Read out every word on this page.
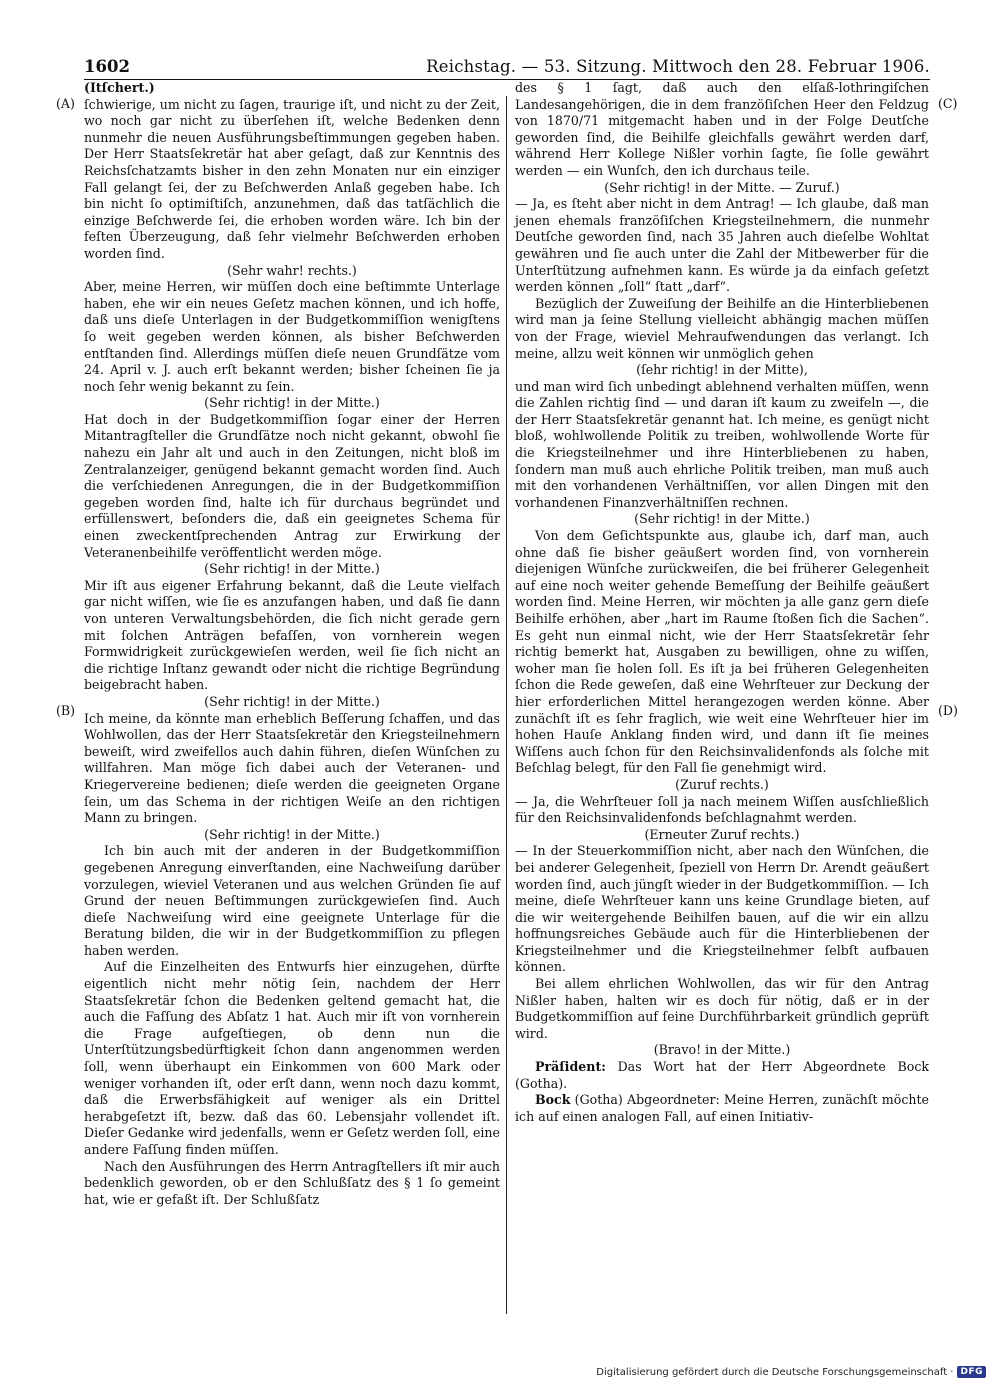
1602	Reichstag. — 53. Sitzung. Mittwoch den 28. Februar 1906.

(Itſchert.)

ſchwierige, um nicht zu ſagen, traurige iſt, und nicht zu der Zeit, wo noch gar nicht zu überſehen iſt, welche Bedenken denn nunmehr die neuen Ausführungsbeſtimmungen gegeben haben. Der Herr Staatsſekretär hat aber geſagt, daß zur Kenntnis des Reichsſchatzamts bisher in den zehn Monaten nur ein einziger Fall gelangt ſei, der zu Beſchwerden Anlaß gegeben habe. Ich bin nicht ſo optimiſtiſch, anzunehmen, daß das tatſächlich die einzige Beſchwerde ſei, die erhoben worden wäre. Ich bin der feſten Überzeugung, daß ſehr vielmehr Beſchwerden erhoben worden ſind.

(Sehr wahr! rechts.)

Aber, meine Herren, wir müſſen doch eine beſtimmte Unterlage haben, ehe wir ein neues Geſetz machen können, und ich hoffe, daß uns dieſe Unterlagen in der Budgetkommiſſion wenigſtens ſo weit gegeben werden können, als bisher Beſchwerden entſtanden ſind. Allerdings müſſen dieſe neuen Grundſätze vom 24. April v. J. auch erſt bekannt werden; bisher ſcheinen ſie ja noch ſehr wenig bekannt zu ſein.

(Sehr richtig! in der Mitte.)

Hat doch in der Budgetkommiſſion ſogar einer der Herren Mitantragſteller die Grundſätze noch nicht gekannt, obwohl ſie nahezu ein Jahr alt und auch in den Zeitungen, nicht bloß im Zentralanzeiger, genügend bekannt gemacht worden ſind. Auch die verſchiedenen Anregungen, die in der Budgetkommiſſion gegeben worden ſind, halte ich für durchaus begründet und erfüllenswert, beſonders die, daß ein geeignetes Schema für einen zweckentſprechenden Antrag zur Erwirkung der Veteranenbeihilfe veröffentlicht werden möge.

(Sehr richtig! in der Mitte.)

Mir iſt aus eigener Erfahrung bekannt, daß die Leute vielfach gar nicht wiſſen, wie ſie es anzufangen haben, und daß ſie dann von unteren Verwaltungsbehörden, die ſich nicht gerade gern mit ſolchen Anträgen befaſſen, von vornherein wegen Formwidrigkeit zurückgewieſen werden, weil ſie ſich nicht an die richtige Inſtanz gewandt oder nicht die richtige Begründung beigebracht haben.

(Sehr richtig! in der Mitte.)

Ich meine, da könnte man erheblich Beſſerung ſchaffen, und das Wohlwollen, das der Herr Staatsſekretär den Kriegsteilnehmern beweiſt, wird zweifellos auch dahin führen, dieſen Wünſchen zu willfahren. Man möge ſich dabei auch der Veteranen- und Kriegervereine bedienen; dieſe werden die geeigneten Organe ſein, um das Schema in der richtigen Weiſe an den richtigen Mann zu bringen.

(Sehr richtig! in der Mitte.)

Ich bin auch mit der anderen in der Budgetkommiſſion gegebenen Anregung einverſtanden, eine Nachweiſung darüber vorzulegen, wieviel Veteranen und aus welchen Gründen ſie auf Grund der neuen Beſtimmungen zurückgewieſen ſind. Auch dieſe Nachweiſung wird eine geeignete Unterlage für die Beratung bilden, die wir in der Budgetkommiſſion zu pflegen haben werden.

Auf die Einzelheiten des Entwurfs hier einzugehen, dürfte eigentlich nicht mehr nötig ſein, nachdem der Herr Staatsſekretär ſchon die Bedenken geltend gemacht hat, die auch die Faſſung des Abſatz 1 hat. Auch mir iſt von vornherein die Frage aufgeſtiegen, ob denn nun die Unterſtützungsbedürftigkeit ſchon dann angenommen werden ſoll, wenn überhaupt ein Einkommen von 600 Mark oder weniger vorhanden iſt, oder erſt dann, wenn noch dazu kommt, daß die Erwerbsfähigkeit auf weniger als ein Drittel herabgeſetzt iſt, bezw. daß das 60. Lebensjahr vollendet iſt. Dieſer Gedanke wird jedenfalls, wenn er Geſetz werden ſoll, eine andere Faſſung finden müſſen.

Nach den Ausführungen des Herrn Antragſtellers iſt mir auch bedenklich geworden, ob er den Schlußſatz des § 1 ſo gemeint hat, wie er gefaßt iſt. Der Schlußſatz

des § 1 ſagt, daß auch den elſaß-lothringiſchen Landesangehörigen, die in dem franzöſiſchen Heer den Feldzug von 1870/71 mitgemacht haben und in der Folge Deutſche geworden ſind, die Beihilfe gleichfalls gewährt werden darf, während Herr Kollege Nißler vorhin ſagte, ſie ſolle gewährt werden — ein Wunſch, den ich durchaus teile.

(Sehr richtig! in der Mitte. — Zuruf.)

— Ja, es ſteht aber nicht in dem Antrag! — Ich glaube, daß man jenen ehemals franzöſiſchen Kriegsteilnehmern, die nunmehr Deutſche geworden ſind, nach 35 Jahren auch dieſelbe Wohltat gewähren und ſie auch unter die Zahl der Mitbewerber für die Unterſtützung aufnehmen kann. Es würde ja da einfach geſetzt werden können „ſoll“ ſtatt „darf“.

Bezüglich der Zuweiſung der Beihilfe an die Hinterbliebenen wird man ja ſeine Stellung vielleicht abhängig machen müſſen von der Frage, wieviel Mehraufwendungen das verlangt. Ich meine, allzu weit können wir unmöglich gehen

(ſehr richtig! in der Mitte),

und man wird ſich unbedingt ablehnend verhalten müſſen, wenn die Zahlen richtig ſind — und daran iſt kaum zu zweifeln —, die der Herr Staatsſekretär genannt hat. Ich meine, es genügt nicht bloß, wohlwollende Politik zu treiben, wohlwollende Worte für die Kriegsteilnehmer und ihre Hinterbliebenen zu haben, ſondern man muß auch ehrliche Politik treiben, man muß auch mit den vorhandenen Verhältniſſen, vor allen Dingen mit den vorhandenen Finanzverhältniſſen rechnen.

(Sehr richtig! in der Mitte.)

Von dem Geſichtspunkte aus, glaube ich, darf man, auch ohne daß ſie bisher geäußert worden ſind, von vornherein diejenigen Wünſche zurückweiſen, die bei früherer Gelegenheit auf eine noch weiter gehende Bemeſſung der Beihilfe geäußert worden ſind. Meine Herren, wir möchten ja alle ganz gern dieſe Beihilfe erhöhen, aber „hart im Raume ſtoßen ſich die Sachen“. Es geht nun einmal nicht, wie der Herr Staatsſekretär ſehr richtig bemerkt hat, Ausgaben zu bewilligen, ohne zu wiſſen, woher man ſie holen ſoll. Es iſt ja bei früheren Gelegenheiten ſchon die Rede geweſen, daß eine Wehrſteuer zur Deckung der hier erforderlichen Mittel herangezogen werden könne. Aber zunächſt iſt es ſehr fraglich, wie weit eine Wehrſteuer hier im hohen Hauſe Anklang finden wird, und dann iſt ſie meines Wiſſens auch ſchon für den Reichsinvalidenfonds als ſolche mit Beſchlag belegt, für den Fall ſie genehmigt wird.

(Zuruf rechts.)

— Ja, die Wehrſteuer ſoll ja nach meinem Wiſſen ausſchließlich für den Reichsinvalidenfonds beſchlagnahmt werden.

(Erneuter Zuruf rechts.)

— In der Steuerkommiſſion nicht, aber nach den Wünſchen, die bei anderer Gelegenheit, ſpeziell von Herrn Dr. Arendt geäußert worden ſind, auch jüngſt wieder in der Budgetkommiſſion. — Ich meine, dieſe Wehrſteuer kann uns keine Grundlage bieten, auf die wir weitergehende Beihilfen bauen, auf die wir ein allzu hoffnungsreiches Gebäude auch für die Hinterbliebenen der Kriegsteilnehmer und die Kriegsteilnehmer ſelbſt aufbauen können.

Bei allem ehrlichen Wohlwollen, das wir für den Antrag Nißler haben, halten wir es doch für nötig, daß er in der Budgetkommiſſion auf ſeine Durchführbarkeit gründlich geprüft wird.

(Bravo! in der Mitte.)

Präſident: Das Wort hat der Herr Abgeordnete Bock (Gotha).

Bock (Gotha) Abgeordneter: Meine Herren, zunächſt möchte ich auf einen analogen Fall, auf einen Initiativ-

(A)
(B)
(C)
(D)
Digitalisierung gefördert durch die Deutsche Forschungsgemeinschaft · DFG
